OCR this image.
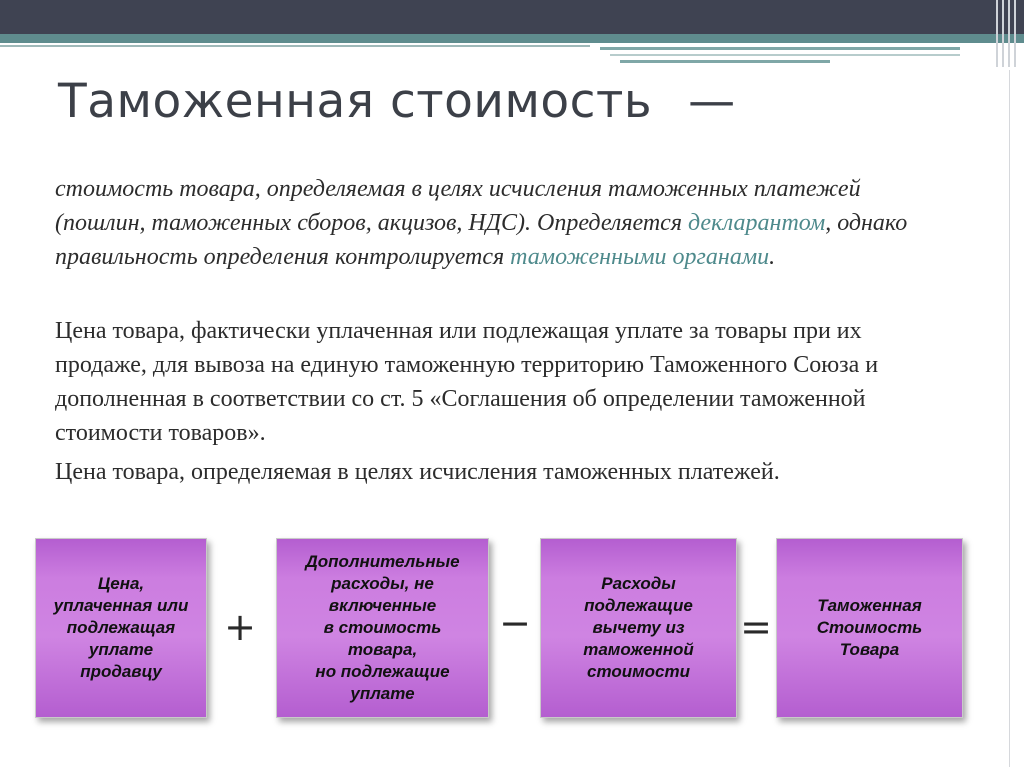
Таможенная стоимость —

стоимость товара, определяемая в целях исчисления таможенных платежей (пошлин, таможенных сборов, акцизов, НДС). Определяется декларантом, однако правильность определения контролируется таможенными органами.

Цена товара, фактически уплаченная или подлежащая уплате за товары при их продаже, для вывоза на единую таможенную территорию Таможенного Союза и дополненная в соответствии со ст. 5 «Соглашения об определении таможенной стоимости товаров».

Цена товара, определяемая в целях исчисления таможенных платежей.

Цена,
уплаченная или
подлежащая
уплате
продавцу
+
Дополнительные
расходы, не
включенные
в стоимость
товара,
но подлежащие
уплате
−
Расходы
подлежащие
вычету из
таможенной
стоимости
=	Таможенная
Стоимость
Товара
